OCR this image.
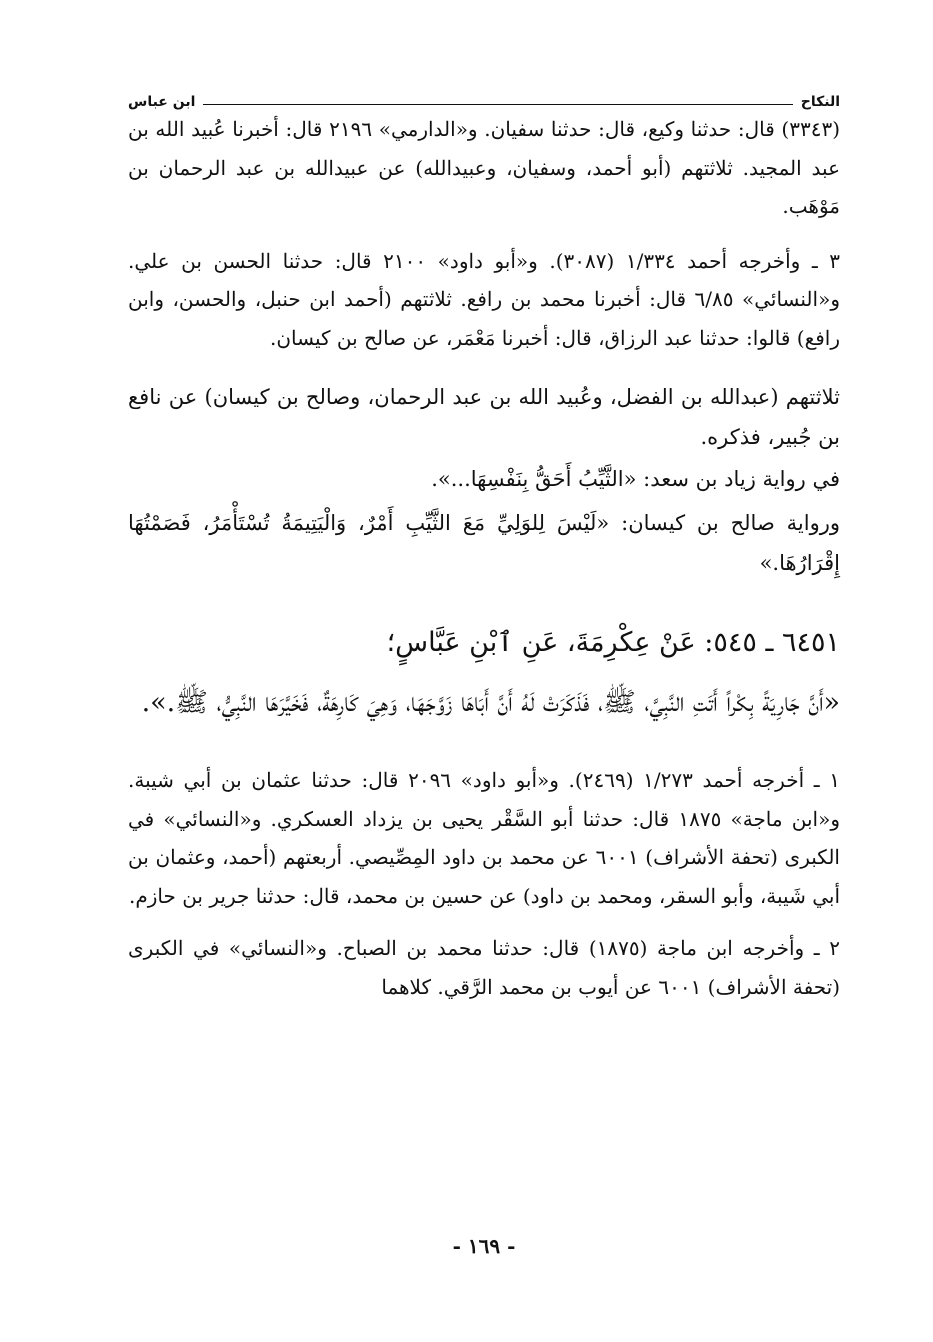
النكاح
ابن عباس

(٣٣٤٣) قال: حدثنا وكيع، قال: حدثنا سفيان. و«الدارمي» ٢١٩٦ قال: أخبرنا عُبيد الله بن عبد المجيد. ثلاثتهم (أبو أحمد، وسفيان، وعبيدالله) عن عبيدالله بن عبد الرحمان بن مَوْهَب.

٣ ـ وأخرجه أحمد ١/٣٣٤ (٣٠٨٧). و«أبو داود» ٢١٠٠ قال: حدثنا الحسن بن علي. و«النسائي» ٦/٨٥ قال: أخبرنا محمد بن رافع. ثلاثتهم (أحمد ابن حنبل، والحسن، وابن رافع) قالوا: حدثنا عبد الرزاق، قال: أخبرنا مَعْمَر، عن صالح بن كيسان.

ثلاثتهم (عبدالله بن الفضل، وعُبيد الله بن عبد الرحمان، وصالح بن كيسان) عن نافع بن جُبير، فذكره.

في رواية زياد بن سعد: «الثَّيِّبُ أَحَقُّ بِنَفْسِهَا...».

ورواية صالح بن كيسان: «لَيْسَ لِلوَلِيِّ مَعَ الثَّيِّبِ أَمْرٌ، وَالْيَتِيمَةُ تُسْتَأْمَرُ، فَصَمْتُهَا إِقْرَارُهَا.»

٦٤٥١ ـ ٥٤٥: عَنْ عِكْرِمَةَ، عَنِ ٱبْنِ عَبَّاسٍ؛
«أَنَّ جَارِيَةً بِكْراً أَتَتِ النَّبِيَّ، ﷺ، فَذَكَرَتْ لَهُ أَنَّ أَبَاهَا زَوَّجَهَا، وَهِيَ كَارِهَةٌ، فَخَيَّرَهَا النَّبِيُّ، ﷺ.».

١ ـ أخرجه أحمد ١/٢٧٣ (٢٤٦٩). و«أبو داود» ٢٠٩٦ قال: حدثنا عثمان بن أبي شيبة. و«ابن ماجة» ١٨٧٥ قال: حدثنا أبو السَّقْر يحيى بن يزداد العسكري. و«النسائي» في الكبرى (تحفة الأشراف) ٦٠٠١ عن محمد بن داود المِصِّيصي. أربعتهم (أحمد، وعثمان بن أبي شَيبة، وأبو السقر، ومحمد بن داود) عن حسين بن محمد، قال: حدثنا جرير بن حازم.

٢ ـ وأخرجه ابن ماجة (١٨٧٥) قال: حدثنا محمد بن الصباح. و«النسائي» في الكبرى (تحفة الأشراف) ٦٠٠١ عن أيوب بن محمد الرَّقي. كلاهما

- ١٦٩ -
